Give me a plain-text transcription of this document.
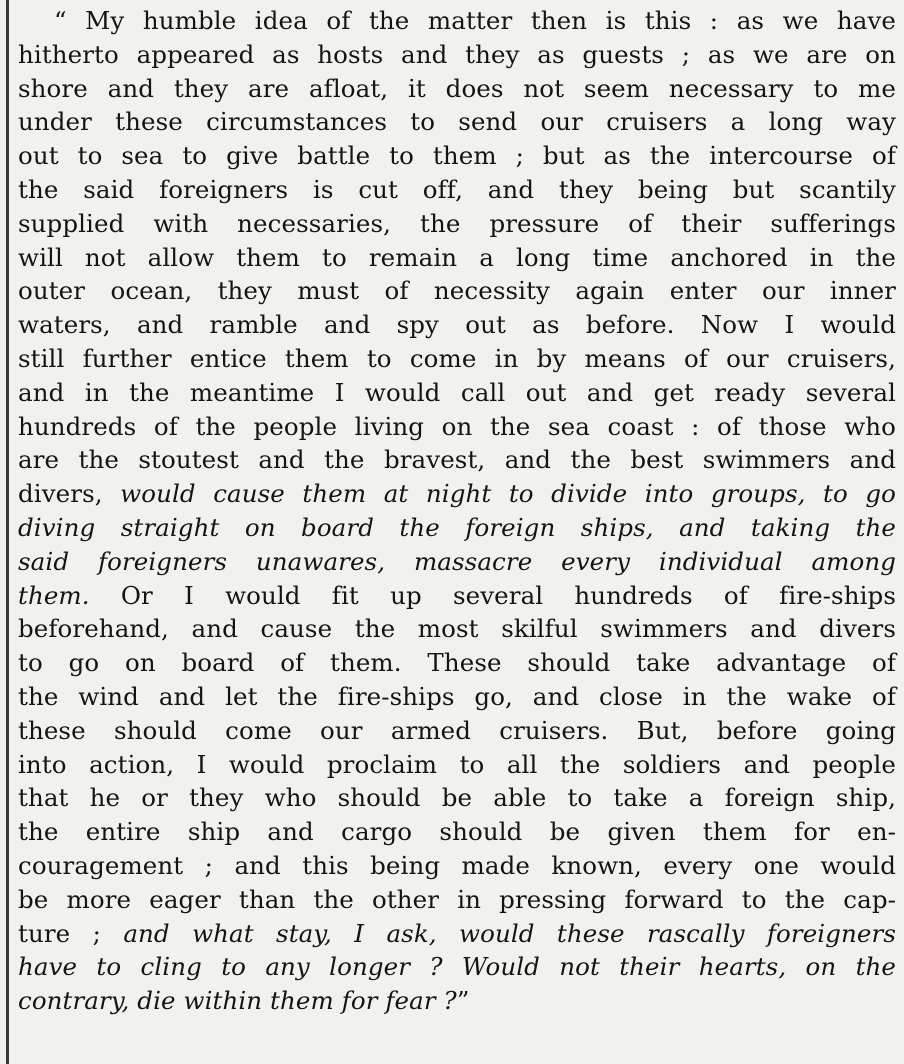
“ My humble idea of the matter then is this : as we have
hitherto appeared as hosts and they as guests ; as we are on
shore and they are afloat, it does not seem necessary to me
under these circumstances to send our cruisers a long way
out to sea to give battle to them ; but as the intercourse of
the said foreigners is cut off, and they being but scantily
supplied with necessaries, the pressure of their sufferings
will not allow them to remain a long time anchored in the
outer ocean, they must of necessity again enter our inner
waters, and ramble and spy out as before. Now I would
still further entice them to come in by means of our cruisers,
and in the meantime I would call out and get ready several
hundreds of the people living on the sea coast : of those who
are the stoutest and the bravest, and the best swimmers and
divers, would cause them at night to divide into groups, to go
diving straight on board the foreign ships, and taking the
said foreigners unawares, massacre every individual among
them. Or I would fit up several hundreds of fire-ships
beforehand, and cause the most skilful swimmers and divers
to go on board of them. These should take advantage of
the wind and let the fire-ships go, and close in the wake of
these should come our armed cruisers. But, before going
into action, I would proclaim to all the soldiers and people
that he or they who should be able to take a foreign ship,
the entire ship and cargo should be given them for en-
couragement ; and this being made known, every one would
be more eager than the other in pressing forward to the cap-
ture ; and what stay, I ask, would these rascally foreigners
have to cling to any longer ? Would not their hearts, on the
contrary, die within them for fear ?”
